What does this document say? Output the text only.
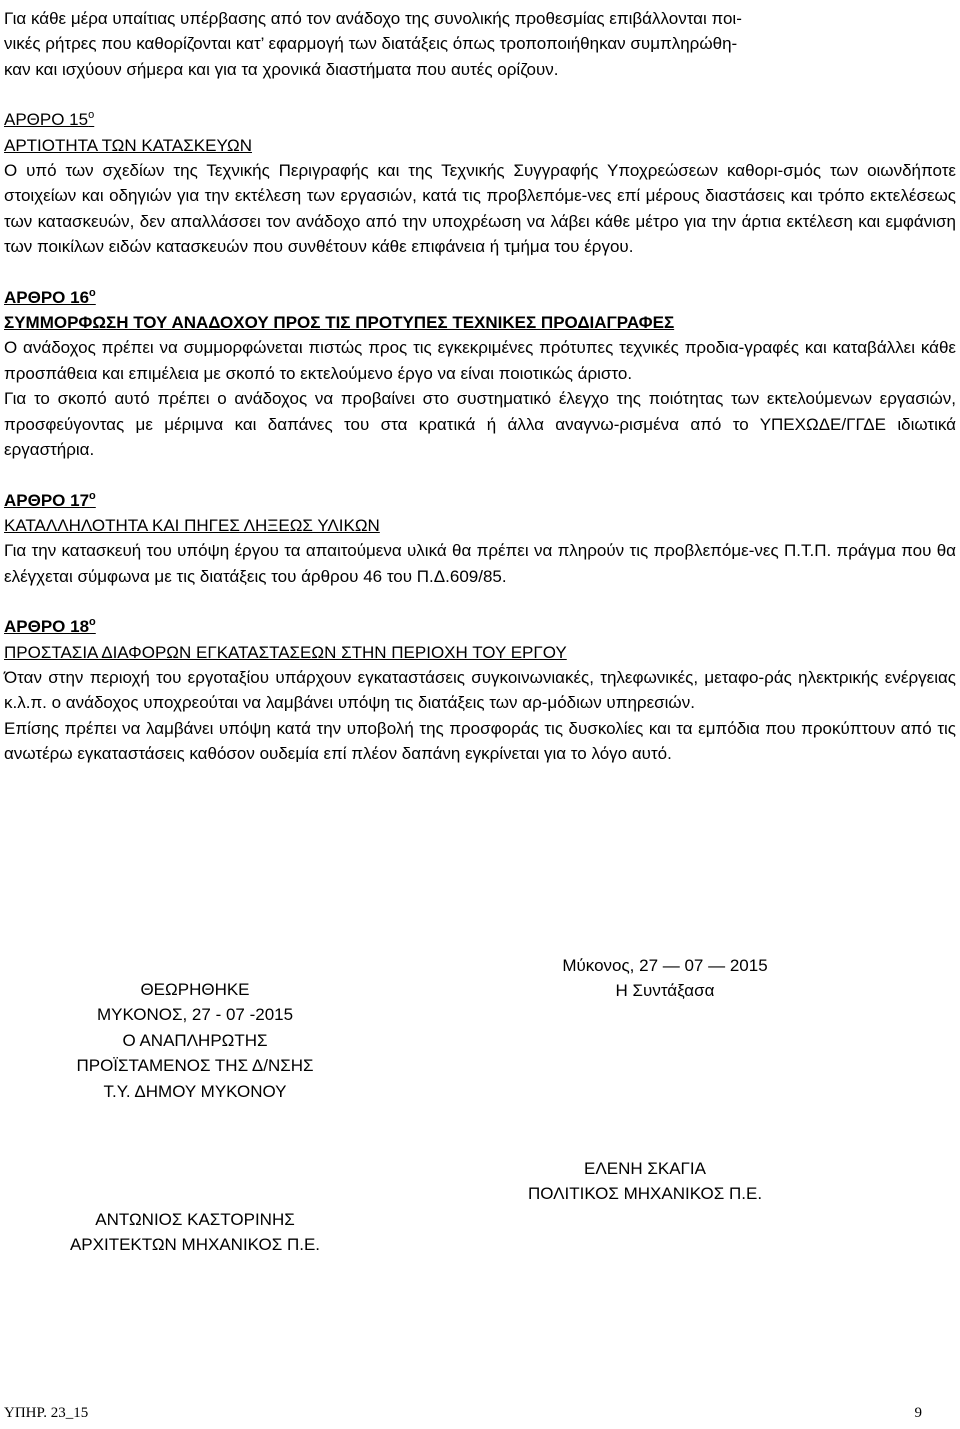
Για κάθε μέρα υπαίτιας υπέρβασης από τον ανάδοχο της συνολικής προθεσμίας επιβάλλονται ποι-

νικές ρήτρες που καθορίζονται κατ’ εφαρμογή των διατάξεις όπως τροποποιήθηκαν συμπληρώθη-

καν και ισχύουν σήμερα και για τα χρονικά διαστήματα που αυτές ορίζουν.

ΑΡΘΡΟ $15^o$
ΑΡΤΙΟΤΗΤΑ ΤΩΝ ΚΑΤΑΣΚΕΥΩΝ

Ο υπό των σχεδίων της Τεχνικής Περιγραφής και της Τεχνικής Συγγραφής Υποχρεώσεων καθορι-σμός των οιωνδήποτε στοιχείων και οδηγιών για την εκτέλεση των εργασιών, κατά τις προβλεπόμε-νες επί μέρους διαστάσεις και τρόπο εκτελέσεως των κατασκευών, δεν απαλλάσσει τον ανάδοχο από την υποχρέωση να λάβει κάθε μέτρο για την άρτια εκτέλεση και εμφάνιση των ποικίλων ειδών κατασκευών που συνθέτουν κάθε επιφάνεια ή τμήμα του έργου.

ΑΡΘΡΟ $16^o$
ΣΥΜΜΟΡΦΩΣΗ ΤΟΥ ΑΝΑΔΟΧΟΥ ΠΡΟΣ ΤΙΣ ΠΡΟΤΥΠΕΣ ΤΕΧΝΙΚΕΣ ΠΡΟΔΙΑΓΡΑΦΕΣ

Ο ανάδοχος πρέπει να συμμορφώνεται πιστώς προς τις εγκεκριμένες πρότυπες τεχνικές προδια-γραφές και καταβάλλει κάθε προσπάθεια και επιμέλεια με σκοπό το εκτελούμενο έργο να είναι ποιοτικώς άριστο.

Για το σκοπό αυτό πρέπει ο ανάδοχος να προβαίνει στο συστηματικό έλεγχο της ποιότητας των εκτελούμενων εργασιών, προσφεύγοντας με μέριμνα και δαπάνες του στα κρατικά ή άλλα αναγνω-ρισμένα από το ΥΠΕΧΩΔΕ/ΓΓΔΕ ιδιωτικά εργαστήρια.

ΑΡΘΡΟ $17^o$
ΚΑΤΑΛΛΗΛΟΤΗΤΑ ΚΑΙ ΠΗΓΕΣ ΛΗΞΕΩΣ ΥΛΙΚΩΝ

Για την κατασκευή του υπόψη έργου τα απαιτούμενα υλικά θα πρέπει να πληρούν τις προβλεπόμε-νες Π.Τ.Π. πράγμα που θα ελέγχεται σύμφωνα με τις διατάξεις του άρθρου 46 του Π.Δ.609/85.

ΑΡΘΡΟ $18^o$
ΠΡΟΣΤΑΣΙΑ ΔΙΑΦΟΡΩΝ ΕΓΚΑΤΑΣΤΑΣΕΩΝ ΣΤΗΝ ΠΕΡΙΟΧΗ ΤΟΥ ΕΡΓΟΥ

Όταν στην περιοχή του εργοταξίου υπάρχουν εγκαταστάσεις συγκοινωνιακές, τηλεφωνικές, μεταφο-ράς ηλεκτρικής ενέργειας κ.λ.π. ο ανάδοχος υποχρεούται να λαμβάνει υπόψη τις διατάξεις των αρ-μόδιων υπηρεσιών.

Επίσης πρέπει να λαμβάνει υπόψη κατά την υποβολή της προσφοράς τις δυσκολίες και τα εμπόδια που προκύπτουν από τις ανωτέρω εγκαταστάσεις καθόσον ουδεμία επί πλέον δαπάνη εγκρίνεται για το λόγο αυτό.

Μύκονος, 27 — 07 — 2015
Η Συντάξασα
ΘΕΩΡΗΘΗΚΕ
ΜΥΚΟΝΟΣ, 27 - 07 -2015
Ο ΑΝΑΠΛΗΡΩΤΗΣ
ΠΡΟΪΣΤΑΜΕΝΟΣ ΤΗΣ Δ/ΝΣΗΣ
Τ.Υ. ΔΗΜΟΥ ΜΥΚΟΝΟΥ
ΕΛΕΝΗ ΣΚΑΓΙΑ
ΠΟΛΙΤΙΚΟΣ ΜΗΧΑΝΙΚΟΣ Π.Ε.
ΑΝΤΩΝΙΟΣ ΚΑΣΤΟΡΙΝΗΣ
ΑΡΧΙΤΕΚΤΩΝ ΜΗΧΑΝΙΚΟΣ Π.Ε.
ΥΠΗΡ. 23_15	9
